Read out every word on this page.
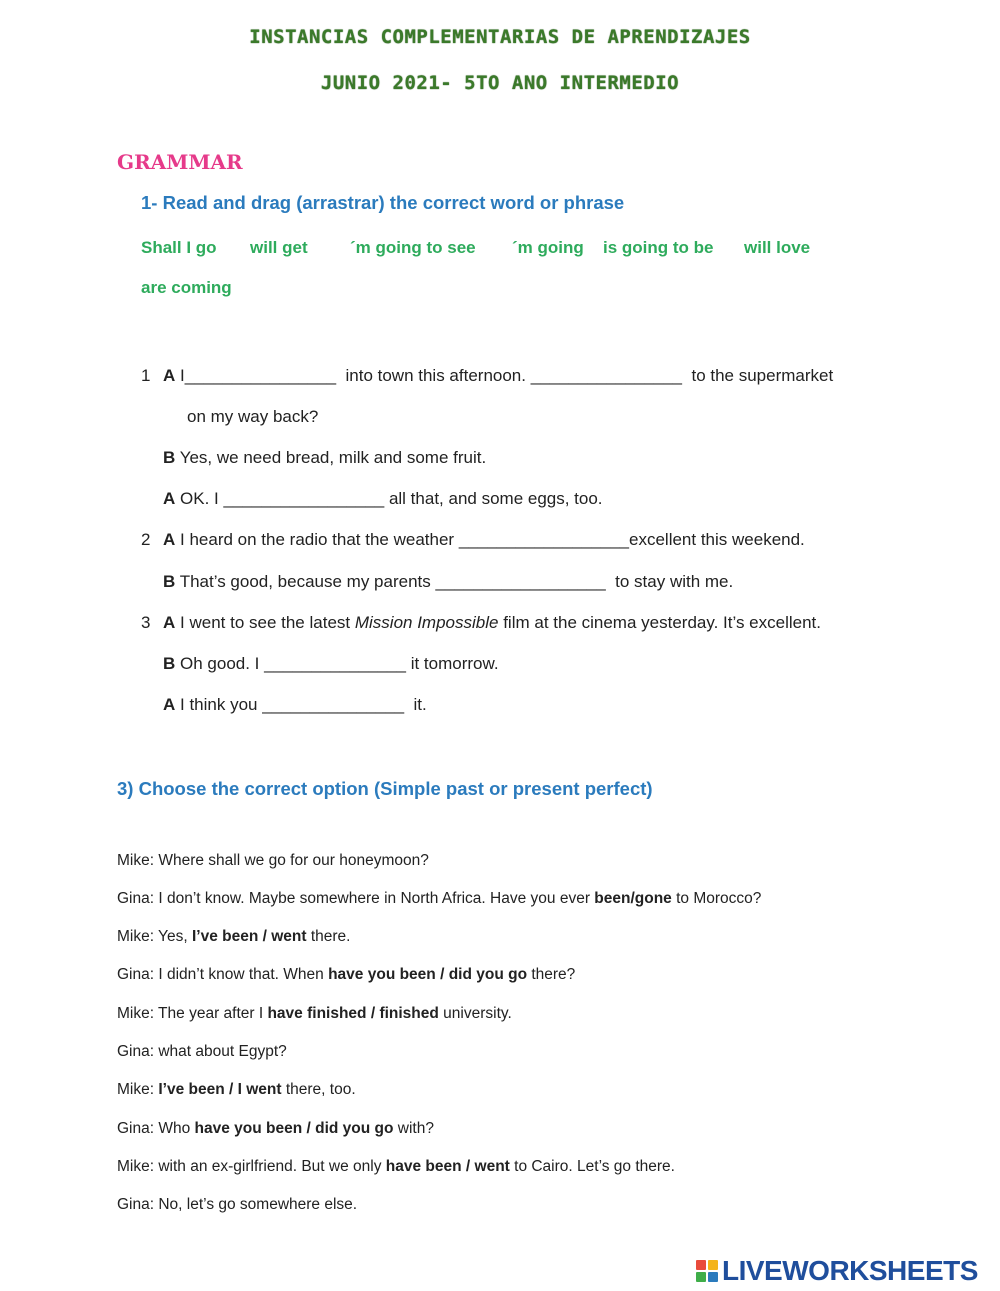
INSTANCIAS COMPLEMENTARIAS DE APRENDIZAJES
JUNIO 2021- 5TO ANO INTERMEDIO
GRAMMAR
1- Read and drag (arrastrar) the correct word or phrase
Shall I go will get ´m going to see ´m going is going to be will love
are coming
1 A I________________ into town this afternoon. ________________ to the supermarket
on my way back?
B Yes, we need bread, milk and some fruit.
A OK. I _________________ all that, and some eggs, too.
2 A I heard on the radio that the weather __________________excellent this weekend.
B That’s good, because my parents __________________ to stay with me.
3 A I went to see the latest Mission Impossible film at the cinema yesterday. It’s excellent.
B Oh good. I _______________ it tomorrow.
A I think you _______________ it.
3) Choose the correct option (Simple past or present perfect)
Mike: Where shall we go for our honeymoon?
Gina: I don’t know. Maybe somewhere in North Africa. Have you ever been/gone to Morocco?
Mike: Yes, I’ve been / went there.
Gina: I didn’t know that. When have you been / did you go there?
Mike: The year after I have finished / finished university.
Gina: what about Egypt?
Mike: I’ve been / I went there, too.
Gina: Who have you been / did you go with?
Mike: with an ex-girlfriend. But we only have been / went to Cairo. Let’s go there.
Gina: No, let’s go somewhere else.
LIVEWORKSHEETS
